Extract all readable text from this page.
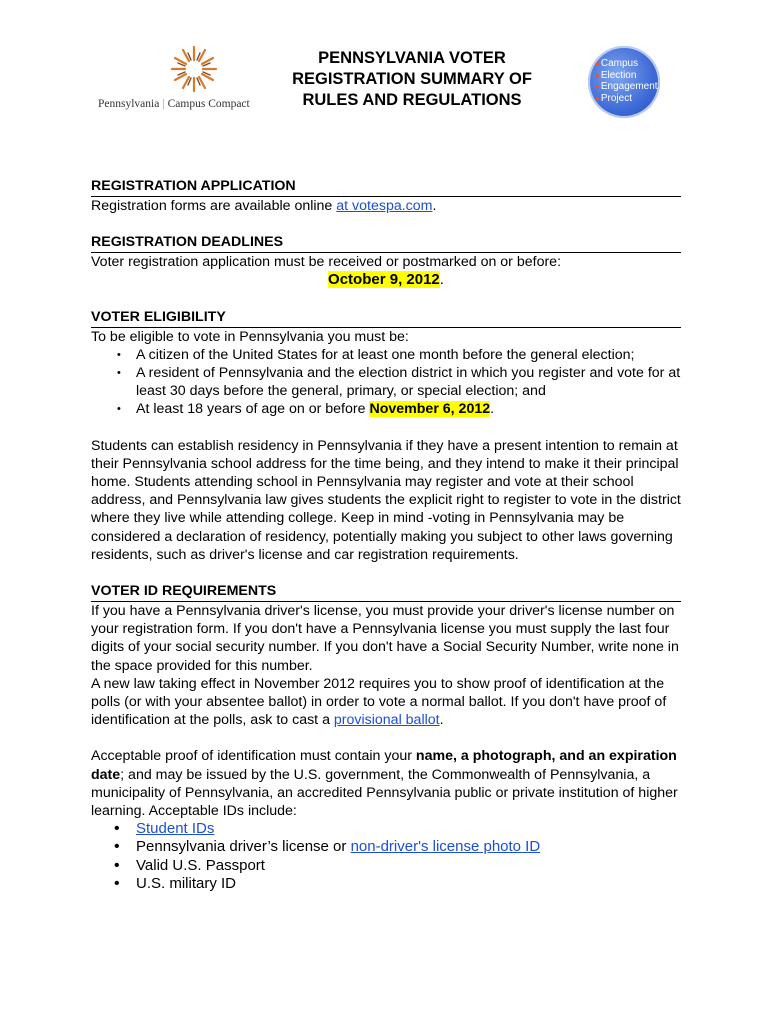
Pennsylvania | Campus Compact
PENNSYLVANIA VOTER
REGISTRATION SUMMARY OF
RULES AND REGULATIONS
●Campus
●Election
●Engagement
●Project
REGISTRATION APPLICATION

Registration forms are available online at votespa.com.

REGISTRATION DEADLINES

Voter registration application must be received or postmarked on or before:

October 9, 2012.

VOTER ELIGIBILITY

To be eligible to vote in Pennsylvania you must be:

• A citizen of the United States for at least one month before the general election;
• A resident of Pennsylvania and the election district in which you register and vote for at least 30 days before the general, primary, or special election; and
• At least 18 years of age on or before November 6, 2012.

Students can establish residency in Pennsylvania if they have a present intention to remain at their Pennsylvania school address for the time being, and they intend to make it their principal home. Students attending school in Pennsylvania may register and vote at their school address, and Pennsylvania law gives students the explicit right to register to vote in the district where they live while attending college. Keep in mind -voting in Pennsylvania may be considered a declaration of residency, potentially making you subject to other laws governing residents, such as driver's license and car registration requirements.

VOTER ID REQUIREMENTS

If you have a Pennsylvania driver's license, you must provide your driver's license number on your registration form. If you don't have a Pennsylvania license you must supply the last four digits of your social security number. If you don't have a Social Security Number, write none in the space provided for this number.

A new law taking effect in November 2012 requires you to show proof of identification at the polls (or with your absentee ballot) in order to vote a normal ballot. If you don't have proof of identification at the polls, ask to cast a provisional ballot.

Acceptable proof of identification must contain your name, a photograph, and an expiration date; and may be issued by the U.S. government, the Commonwealth of Pennsylvania, a municipality of Pennsylvania, an accredited Pennsylvania public or private institution of higher learning. Acceptable IDs include:

• Student IDs
• Pennsylvania driver’s license or non-driver's license photo ID
• Valid U.S. Passport
• U.S. military ID
